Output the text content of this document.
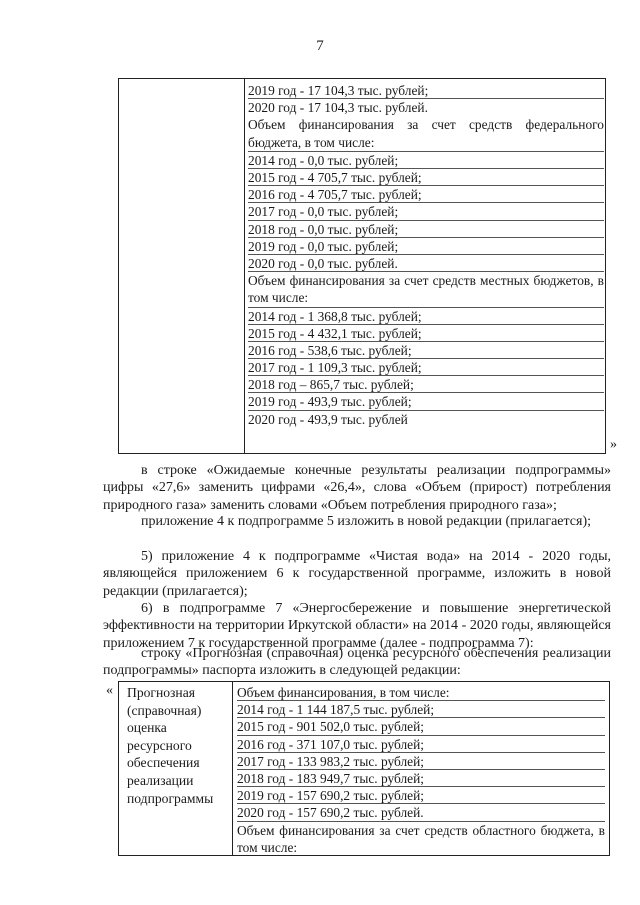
7
2019 год - 17 104,3 тыс. рублей;
2020 год - 17 104,3 тыс. рублей.
Объем финансирования за счет средств федерального бюджета, в том числе:
2014 год - 0,0 тыс. рублей;
2015 год - 4 705,7 тыс. рублей;
2016 год - 4 705,7 тыс. рублей;
2017 год - 0,0 тыс. рублей;
2018 год - 0,0 тыс. рублей;
2019 год - 0,0 тыс. рублей;
2020 год - 0,0 тыс. рублей.
Объем финансирования за счет средств местных бюджетов, в том числе:
2014 год - 1 368,8 тыс. рублей;
2015 год - 4 432,1 тыс. рублей;
2016 год - 538,6 тыс. рублей;
2017 год - 1 109,3 тыс. рублей;
2018 год – 865,7 тыс. рублей;
2019 год - 493,9 тыс. рублей;
2020 год - 493,9 тыс. рублей
»
в строке «Ожидаемые конечные результаты реализации подпрограммы» цифры «27,6» заменить цифрами «26,4», слова «Объем (прирост) потребления природного газа» заменить словами «Объем потребления природного газа»;
приложение 4 к подпрограмме 5 изложить в новой редакции (прилагается);
5) приложение 4 к подпрограмме «Чистая вода» на 2014 - 2020 годы, являющейся приложением 6 к государственной программе, изложить в новой редакции (прилагается);
6) в подпрограмме 7 «Энергосбережение и повышение энергетической эффективности на территории Иркутской области» на 2014 - 2020 годы, являющейся приложением 7 к государственной программе (далее - подпрограмма 7):
строку «Прогнозная (справочная) оценка ресурсного обеспечения реализации подпрограммы» паспорта изложить в следующей редакции:
« Прогнозная
(справочная)
оценка
ресурсного
обеспечения
реализации
подпрограммы
Объем финансирования, в том числе:
2014 год - 1 144 187,5 тыс. рублей;
2015 год - 901 502,0 тыс. рублей;
2016 год - 371 107,0 тыс. рублей;
2017 год - 133 983,2 тыс. рублей;
2018 год - 183 949,7 тыс. рублей;
2019 год - 157 690,2 тыс. рублей;
2020 год - 157 690,2 тыс. рублей.
Объем финансирования за счет средств областного бюджета, в том числе:
